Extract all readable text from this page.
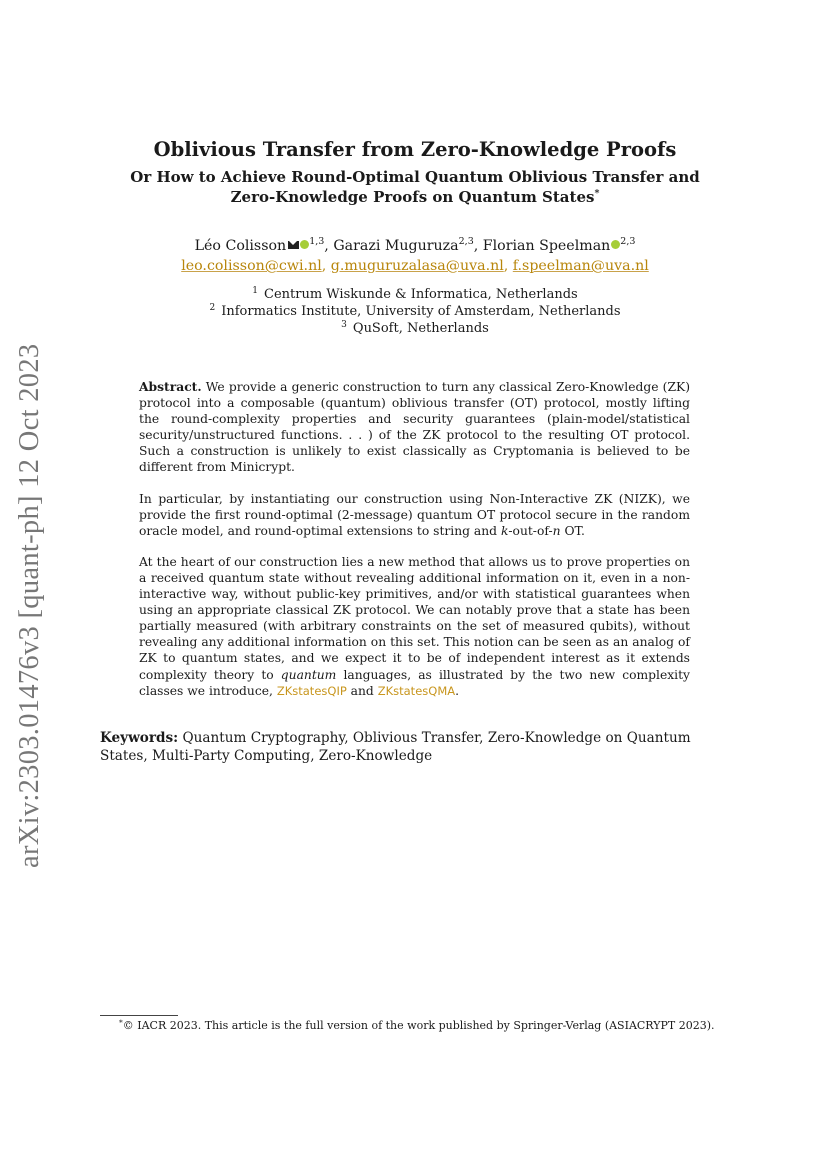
arXiv:2303.01476v3 [quant-ph] 12 Oct 2023
Oblivious Transfer from Zero-Knowledge Proofs
Or How to Achieve Round-Optimal Quantum Oblivious Transfer and
Zero-Knowledge Proofs on Quantum States*
Léo Colisson $^{1,3}$, Garazi Muguruza$^{2,3}$, Florian Speelman $^{2,3}$
leo.colisson@cwi.nl, g.muguruzalasa@uva.nl, f.speelman@uva.nl
$^1$ Centrum Wiskunde & Informatica, Netherlands
$^2$ Informatics Institute, University of Amsterdam, Netherlands
$^3$ QuSoft, Netherlands

Abstract. We provide a generic construction to turn any classical Zero-Knowledge (ZK) protocol into a composable (quantum) oblivious transfer (OT) protocol, mostly lifting the round-complexity properties and security guarantees (plain-model/statistical security/unstructured functions. . . ) of the ZK protocol to the resulting OT protocol. Such a construction is unlikely to exist classically as Cryptomania is believed to be different from Minicrypt.

In particular, by instantiating our construction using Non-Interactive ZK (NIZK), we provide the first round-optimal (2-message) quantum OT protocol secure in the random oracle model, and round-optimal extensions to string and k-out-of-n OT.

At the heart of our construction lies a new method that allows us to prove properties on a received quantum state without revealing additional information on it, even in a non-interactive way, without public-key primitives, and/or with statistical guarantees when using an appropriate classical ZK protocol. We can notably prove that a state has been partially measured (with arbitrary constraints on the set of measured qubits), without revealing any additional information on this set. This notion can be seen as an analog of ZK to quantum states, and we expect it to be of independent interest as it extends complexity theory to quantum languages, as illustrated by the two new complexity classes we introduce, ZKstatesQIP and ZKstatesQMA.

Keywords: Quantum Cryptography, Oblivious Transfer, Zero-Knowledge on Quantum States, Multi-Party Computing, Zero-Knowledge
*© IACR 2023. This article is the full version of the work published by Springer-Verlag (ASIACRYPT 2023).
